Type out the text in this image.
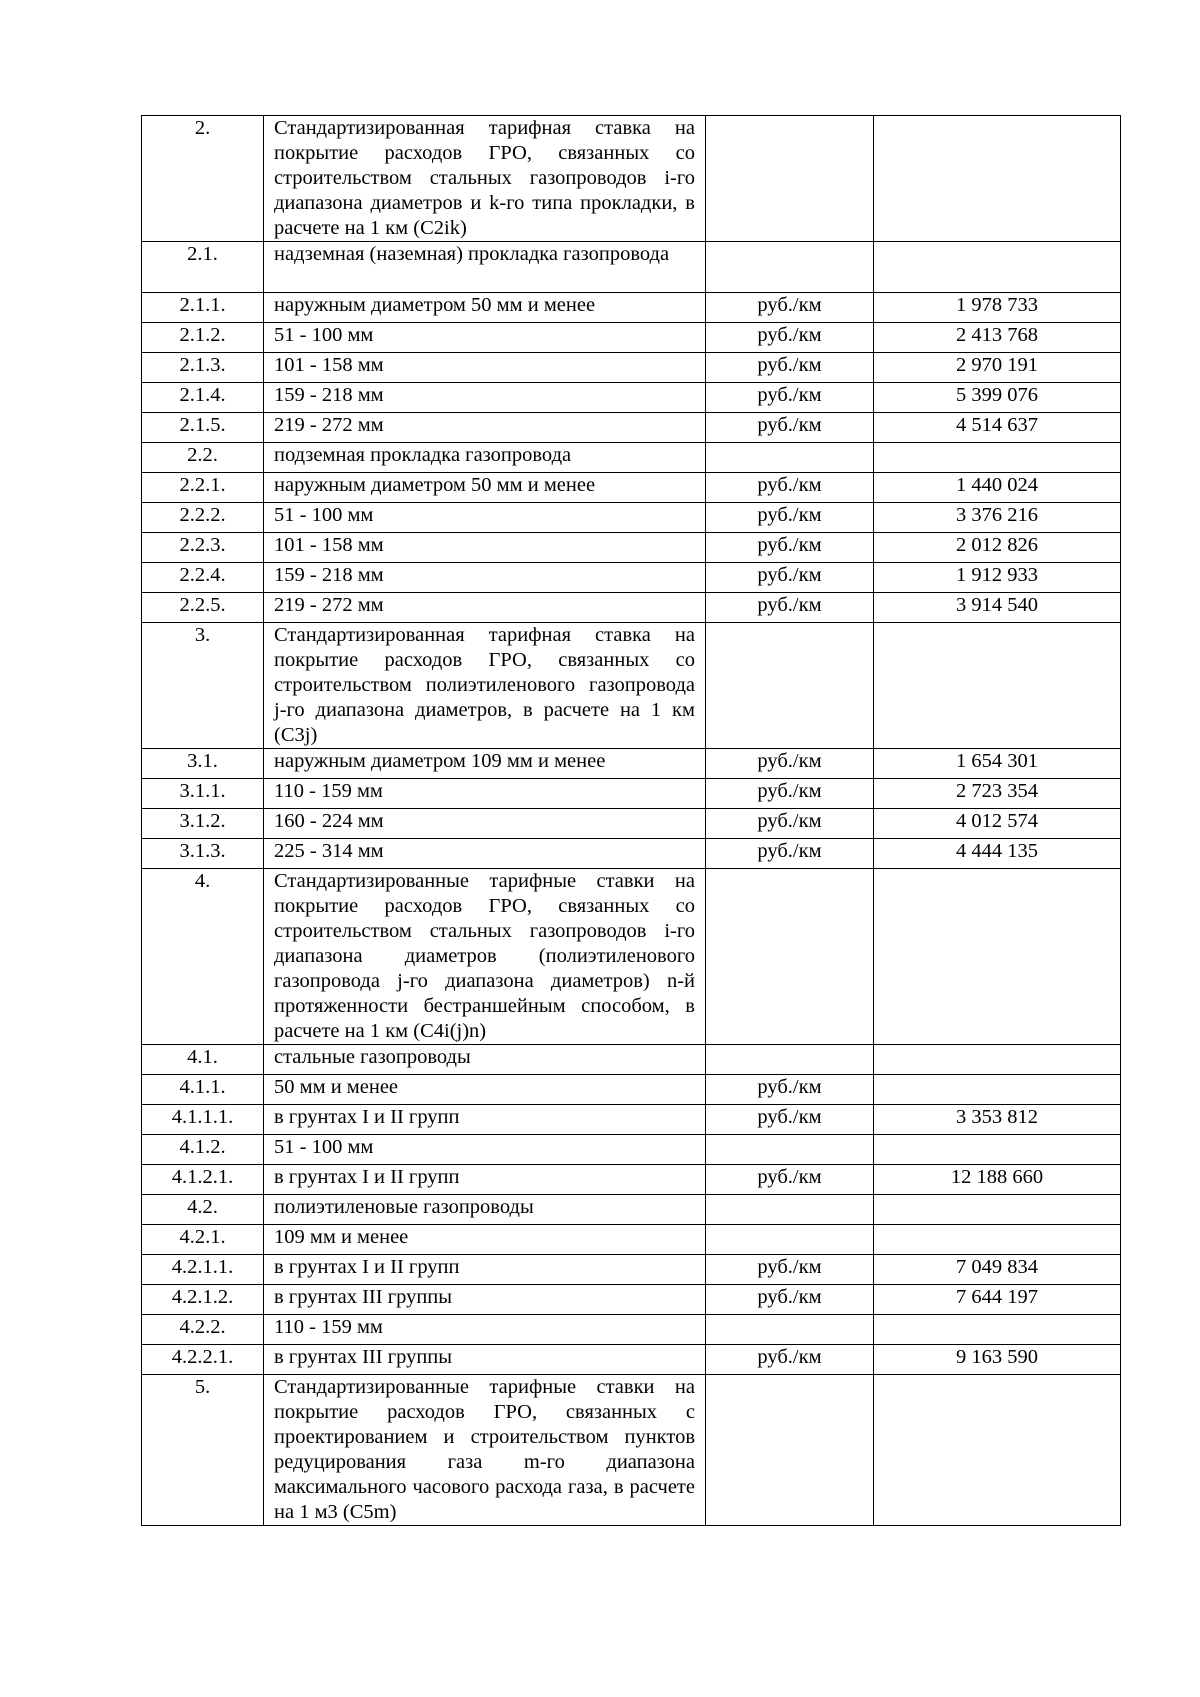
2.	Стандартизированная тарифная ставка на покрытие расходов ГРО, связанных со строительством стальных газопроводов i-го диапазона диаметров и k-го типа прокладки, в расчете на 1 км (C2ik)		
2.1.	надземная (наземная) прокладка газопровода		
2.1.1.	наружным диаметром 50 мм и менее	руб./км	1 978 733
2.1.2.	51 - 100 мм	руб./км	2 413 768
2.1.3.	101 - 158 мм	руб./км	2 970 191
2.1.4.	159 - 218 мм	руб./км	5 399 076
2.1.5.	219 - 272 мм	руб./км	4 514 637
2.2.	подземная прокладка газопровода		
2.2.1.	наружным диаметром 50 мм и менее	руб./км	1 440 024
2.2.2.	51 - 100 мм	руб./км	3 376 216
2.2.3.	101 - 158 мм	руб./км	2 012 826
2.2.4.	159 - 218 мм	руб./км	1 912 933
2.2.5.	219 - 272 мм	руб./км	3 914 540
3.	Стандартизированная тарифная ставка на покрытие расходов ГРО, связанных со строительством полиэтиленового газопровода j-го диапазона диаметров, в расчете на 1 км (C3j)		
3.1.	наружным диаметром 109 мм и менее	руб./км	1 654 301
3.1.1.	110 - 159 мм	руб./км	2 723 354
3.1.2.	160 - 224 мм	руб./км	4 012 574
3.1.3.	225 - 314 мм	руб./км	4 444 135
4.	Стандартизированные тарифные ставки на покрытие расходов ГРО, связанных со строительством стальных газопроводов i-го диапазона диаметров (полиэтиленового газопровода j-го диапазона диаметров) n-й протяженности бестраншейным способом, в расчете на 1 км (C4i(j)n)		
4.1.	стальные газопроводы		
4.1.1.	50 мм и менее	руб./км	
4.1.1.1.	в грунтах I и II групп	руб./км	3 353 812
4.1.2.	51 - 100 мм		
4.1.2.1.	в грунтах I и II групп	руб./км	12 188 660
4.2.	полиэтиленовые газопроводы		
4.2.1.	109 мм и менее		
4.2.1.1.	в грунтах I и II групп	руб./км	7 049 834
4.2.1.2.	в грунтах III группы	руб./км	7 644 197
4.2.2.	110 - 159 мм		
4.2.2.1.	в грунтах III группы	руб./км	9 163 590
5.	Стандартизированные тарифные ставки на покрытие расходов ГРО, связанных с проектированием и строительством пунктов редуцирования газа m-го диапазона максимального часового расхода газа, в расчете на 1 м3 (C5m)		
